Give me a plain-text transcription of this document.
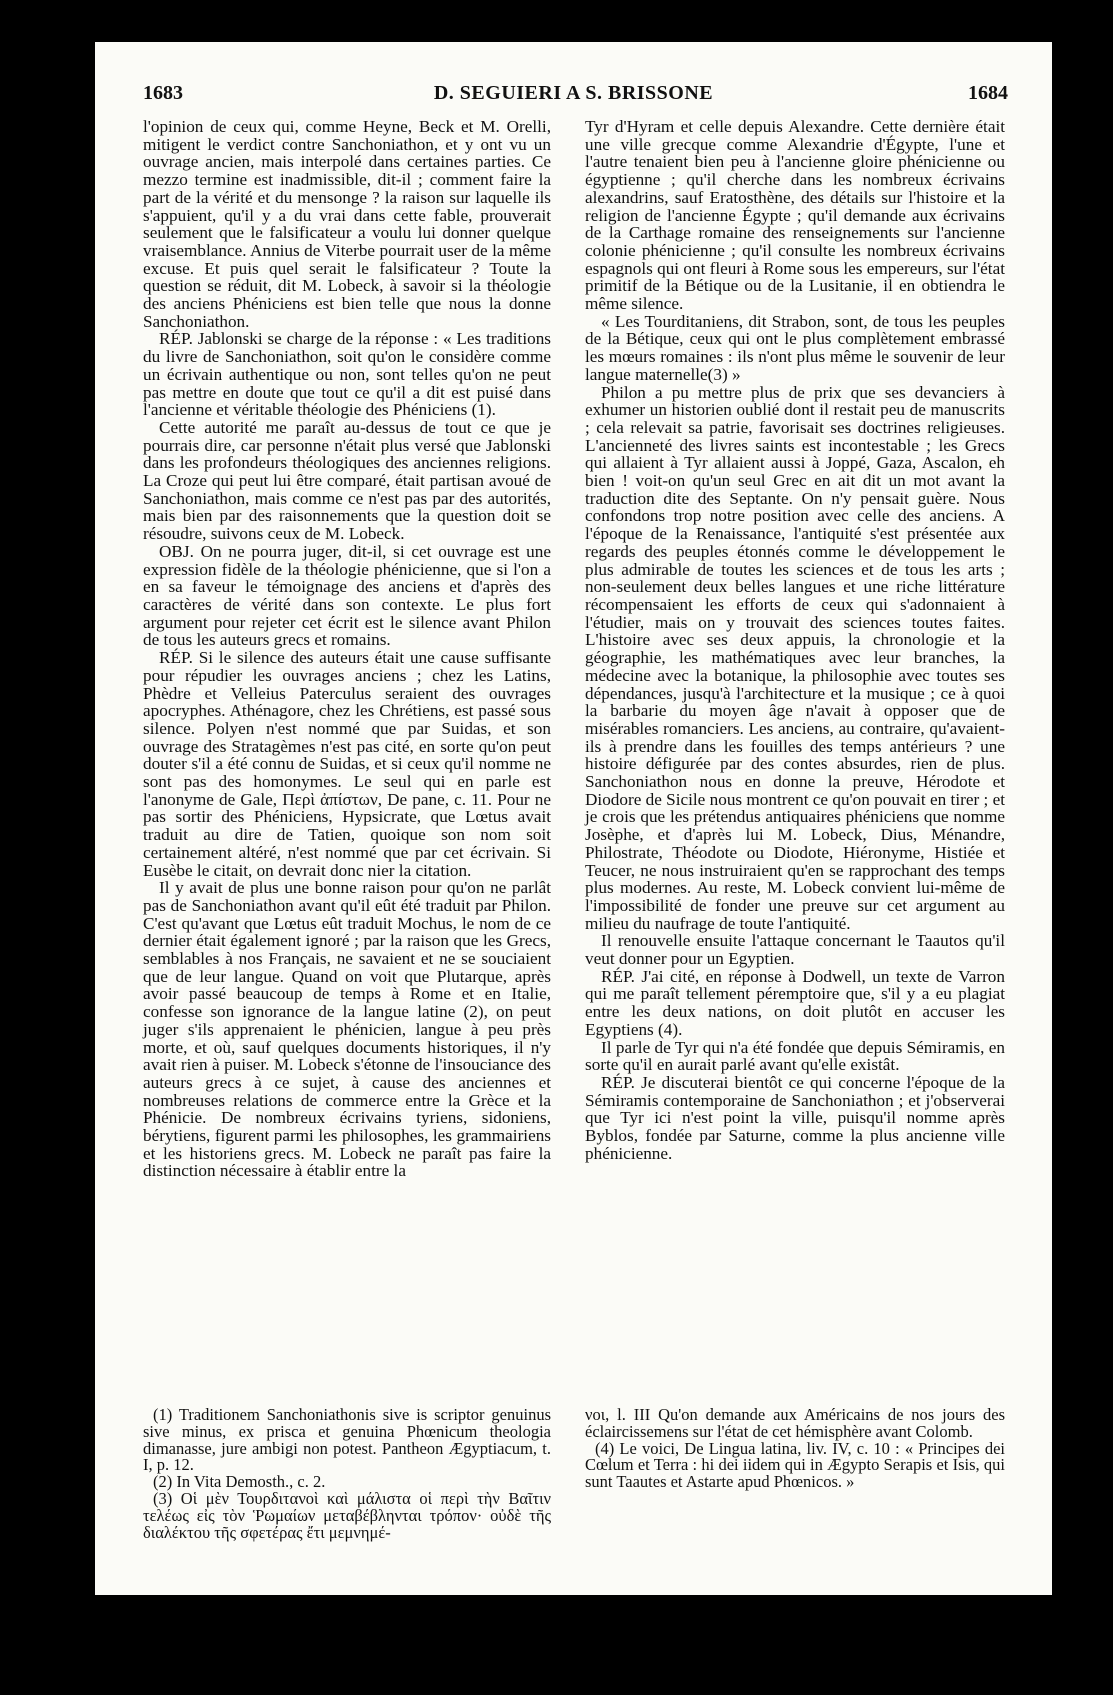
1683	D. SEGUIERI A S. BRISSONE	1684

l'opinion de ceux qui, comme Heyne, Beck et M. Orelli, mitigent le verdict contre Sanchoniathon, et y ont vu un ouvrage ancien, mais interpolé dans certaines parties. Ce mezzo termine est inadmissible, dit-il ; comment faire la part de la vérité et du mensonge ? la raison sur laquelle ils s'appuient, qu'il y a du vrai dans cette fable, prouverait seulement que le falsificateur a voulu lui donner quelque vraisemblance. Annius de Viterbe pourrait user de la même excuse. Et puis quel serait le falsificateur ? Toute la question se réduit, dit M. Lobeck, à savoir si la théologie des anciens Phéniciens est bien telle que nous la donne Sanchoniathon.

RÉP. Jablonski se charge de la réponse : « Les traditions du livre de Sanchoniathon, soit qu'on le considère comme un écrivain authentique ou non, sont telles qu'on ne peut pas mettre en doute que tout ce qu'il a dit est puisé dans l'ancienne et véritable théologie des Phéniciens (1).

Cette autorité me paraît au-dessus de tout ce que je pourrais dire, car personne n'était plus versé que Jablonski dans les profondeurs théologiques des anciennes religions. La Croze qui peut lui être comparé, était partisan avoué de Sanchoniathon, mais comme ce n'est pas par des autorités, mais bien par des raisonnements que la question doit se résoudre, suivons ceux de M. Lobeck.

OBJ. On ne pourra juger, dit-il, si cet ouvrage est une expression fidèle de la théologie phénicienne, que si l'on a en sa faveur le témoignage des anciens et d'après des caractères de vérité dans son contexte. Le plus fort argument pour rejeter cet écrit est le silence avant Philon de tous les auteurs grecs et romains.

RÉP. Si le silence des auteurs était une cause suffisante pour répudier les ouvrages anciens ; chez les Latins, Phèdre et Velleius Paterculus seraient des ouvrages apocryphes. Athénagore, chez les Chrétiens, est passé sous silence. Polyen n'est nommé que par Suidas, et son ouvrage des Stratagèmes n'est pas cité, en sorte qu'on peut douter s'il a été connu de Suidas, et si ceux qu'il nomme ne sont pas des homonymes. Le seul qui en parle est l'anonyme de Gale, Περὶ ἀπίστων, De pane, c. 11. Pour ne pas sortir des Phéniciens, Hypsicrate, que Lœtus avait traduit au dire de Tatien, quoique son nom soit certainement altéré, n'est nommé que par cet écrivain. Si Eusèbe le citait, on devrait donc nier la citation.

Il y avait de plus une bonne raison pour qu'on ne parlât pas de Sanchoniathon avant qu'il eût été traduit par Philon. C'est qu'avant que Lœtus eût traduit Mochus, le nom de ce dernier était également ignoré ; par la raison que les Grecs, semblables à nos Français, ne savaient et ne se souciaient que de leur langue. Quand on voit que Plutarque, après avoir passé beaucoup de temps à Rome et en Italie, confesse son ignorance de la langue latine (2), on peut juger s'ils apprenaient le phénicien, langue à peu près morte, et où, sauf quelques documents historiques, il n'y avait rien à puiser. M. Lobeck s'étonne de l'insouciance des auteurs grecs à ce sujet, à cause des anciennes et nombreuses relations de commerce entre la Grèce et la Phénicie. De nombreux écrivains tyriens, sidoniens, bérytiens, figurent parmi les philosophes, les grammairiens et les historiens grecs. M. Lobeck ne paraît pas faire la distinction nécessaire à établir entre la

Tyr d'Hyram et celle depuis Alexandre. Cette dernière était une ville grecque comme Alexandrie d'Égypte, l'une et l'autre tenaient bien peu à l'ancienne gloire phénicienne ou égyptienne ; qu'il cherche dans les nombreux écrivains alexandrins, sauf Eratosthène, des détails sur l'histoire et la religion de l'ancienne Égypte ; qu'il demande aux écrivains de la Carthage romaine des renseignements sur l'ancienne colonie phénicienne ; qu'il consulte les nombreux écrivains espagnols qui ont fleuri à Rome sous les empereurs, sur l'état primitif de la Bétique ou de la Lusitanie, il en obtiendra le même silence.

« Les Tourditaniens, dit Strabon, sont, de tous les peuples de la Bétique, ceux qui ont le plus complètement embrassé les mœurs romaines : ils n'ont plus même le souvenir de leur langue maternelle(3) »

Philon a pu mettre plus de prix que ses devanciers à exhumer un historien oublié dont il restait peu de manuscrits ; cela relevait sa patrie, favorisait ses doctrines religieuses. L'ancienneté des livres saints est incontestable ; les Grecs qui allaient à Tyr allaient aussi à Joppé, Gaza, Ascalon, eh bien ! voit-on qu'un seul Grec en ait dit un mot avant la traduction dite des Septante. On n'y pensait guère. Nous confondons trop notre position avec celle des anciens. A l'époque de la Renaissance, l'antiquité s'est présentée aux regards des peuples étonnés comme le développement le plus admirable de toutes les sciences et de tous les arts ; non-seulement deux belles langues et une riche littérature récompensaient les efforts de ceux qui s'adonnaient à l'étudier, mais on y trouvait des sciences toutes faites. L'histoire avec ses deux appuis, la chronologie et la géographie, les mathématiques avec leur branches, la médecine avec la botanique, la philosophie avec toutes ses dépendances, jusqu'à l'architecture et la musique ; ce à quoi la barbarie du moyen âge n'avait à opposer que de misérables romanciers. Les anciens, au contraire, qu'avaient-ils à prendre dans les fouilles des temps antérieurs ? une histoire défigurée par des contes absurdes, rien de plus. Sanchoniathon nous en donne la preuve, Hérodote et Diodore de Sicile nous montrent ce qu'on pouvait en tirer ; et je crois que les prétendus antiquaires phéniciens que nomme Josèphe, et d'après lui M. Lobeck, Dius, Ménandre, Philostrate, Théodote ou Diodote, Hiéronyme, Histiée et Teucer, ne nous instruiraient qu'en se rapprochant des temps plus modernes. Au reste, M. Lobeck convient lui-même de l'impossibilité de fonder une preuve sur cet argument au milieu du naufrage de toute l'antiquité.

Il renouvelle ensuite l'attaque concernant le Taautos qu'il veut donner pour un Egyptien.

RÉP. J'ai cité, en réponse à Dodwell, un texte de Varron qui me paraît tellement péremptoire que, s'il y a eu plagiat entre les deux nations, on doit plutôt en accuser les Egyptiens (4).

Il parle de Tyr qui n'a été fondée que depuis Sémiramis, en sorte qu'il en aurait parlé avant qu'elle existât.

RÉP. Je discuterai bientôt ce qui concerne l'époque de la Sémiramis contemporaine de Sanchoniathon ; et j'observerai que Tyr ici n'est point la ville, puisqu'il nomme après Byblos, fondée par Saturne, comme la plus ancienne ville phénicienne.

(1) Traditionem Sanchoniathonis sive is scriptor genuinus sive minus, ex prisca et genuina Phœnicum theologia dimanasse, jure ambigi non potest. Pantheon Ægyptiacum, t. I, p. 12.

(2) In Vita Demosth., c. 2.

(3) Οἱ μὲν Τουρδιτανοὶ καὶ μάλιστα οἱ περὶ τὴν Βαῖτιν τελέως εἰς τὸν Ῥωμαίων μεταβέβληνται τρόπον· οὐδὲ τῆς διαλέκτου τῆς σφετέρας ἔτι μεμνημέ-

νοι, l. III Qu'on demande aux Américains de nos jours des éclaircissemens sur l'état de cet hémisphère avant Colomb.

(4) Le voici, De Lingua latina, liv. IV, c. 10 : « Principes dei Cœlum et Terra : hi dei iidem qui in Ægypto Serapis et Isis, qui sunt Taautes et Astarte apud Phœnicos. »
